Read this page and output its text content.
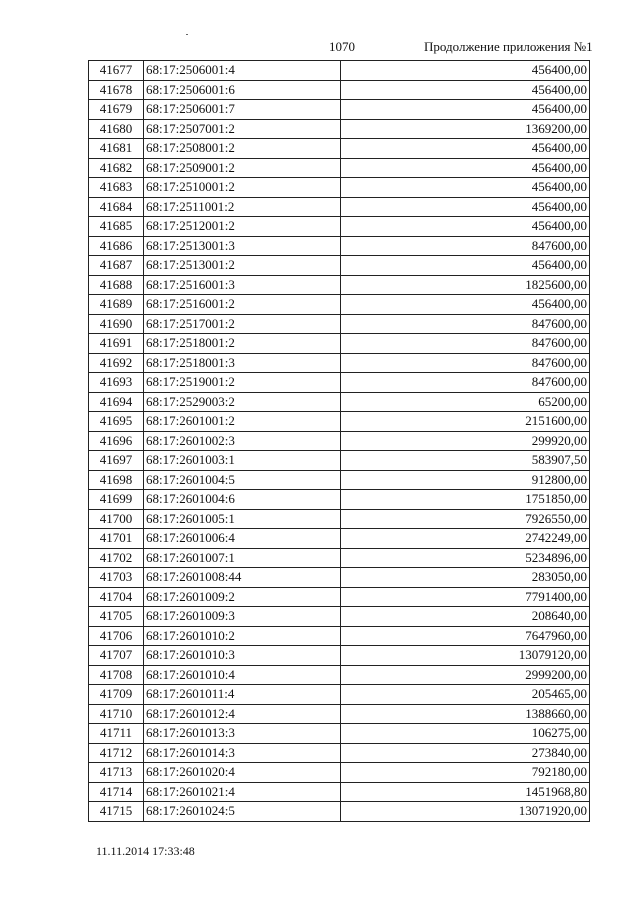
1070	Продолжение приложения №1
41677	68:17:2506001:4	456400,00
41678	68:17:2506001:6	456400,00
41679	68:17:2506001:7	456400,00
41680	68:17:2507001:2	1369200,00
41681	68:17:2508001:2	456400,00
41682	68:17:2509001:2	456400,00
41683	68:17:2510001:2	456400,00
41684	68:17:2511001:2	456400,00
41685	68:17:2512001:2	456400,00
41686	68:17:2513001:3	847600,00
41687	68:17:2513001:2	456400,00
41688	68:17:2516001:3	1825600,00
41689	68:17:2516001:2	456400,00
41690	68:17:2517001:2	847600,00
41691	68:17:2518001:2	847600,00
41692	68:17:2518001:3	847600,00
41693	68:17:2519001:2	847600,00
41694	68:17:2529003:2	65200,00
41695	68:17:2601001:2	2151600,00
41696	68:17:2601002:3	299920,00
41697	68:17:2601003:1	583907,50
41698	68:17:2601004:5	912800,00
41699	68:17:2601004:6	1751850,00
41700	68:17:2601005:1	7926550,00
41701	68:17:2601006:4	2742249,00
41702	68:17:2601007:1	5234896,00
41703	68:17:2601008:44	283050,00
41704	68:17:2601009:2	7791400,00
41705	68:17:2601009:3	208640,00
41706	68:17:2601010:2	7647960,00
41707	68:17:2601010:3	13079120,00
41708	68:17:2601010:4	2999200,00
41709	68:17:2601011:4	205465,00
41710	68:17:2601012:4	1388660,00
41711	68:17:2601013:3	106275,00
41712	68:17:2601014:3	273840,00
41713	68:17:2601020:4	792180,00
41714	68:17:2601021:4	1451968,80
41715	68:17:2601024:5	13071920,00
11.11.2014 17:33:48
